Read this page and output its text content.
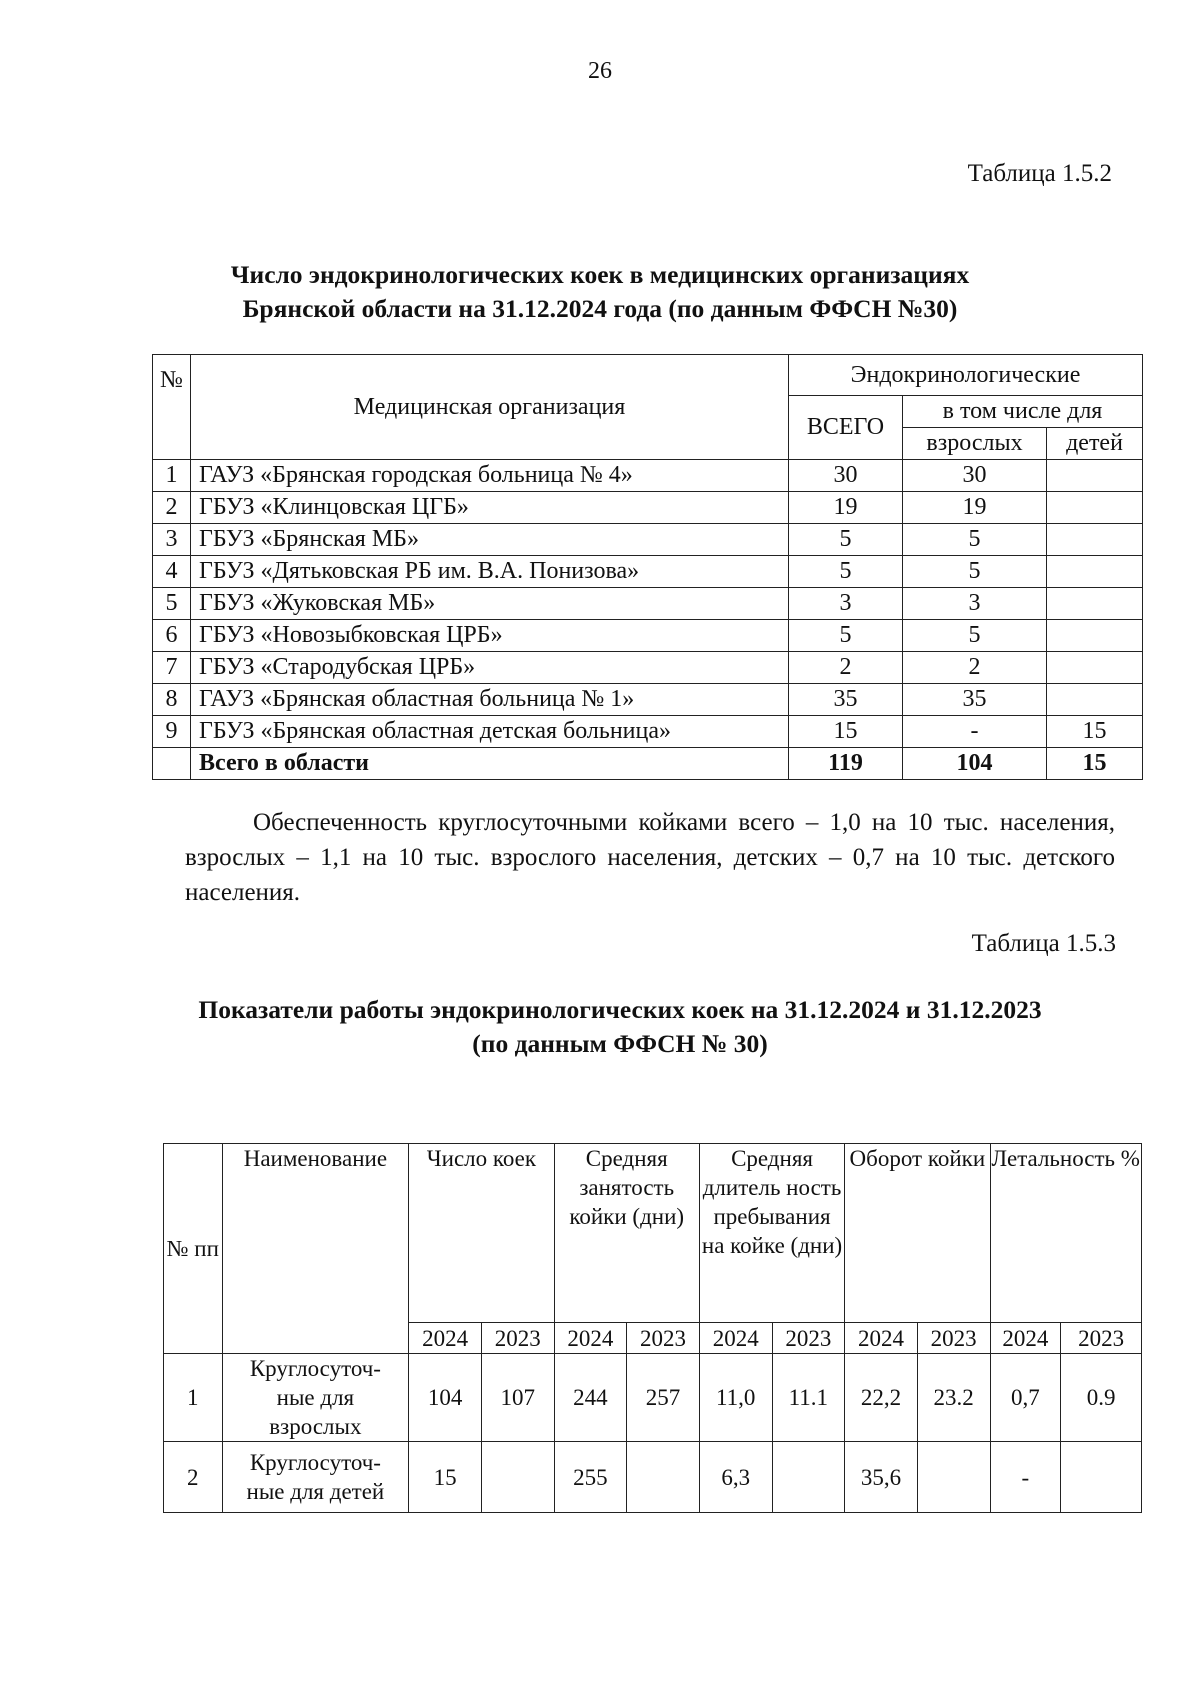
26
Таблица 1.5.2
Число эндокринологических коек в медицинских организациях
Брянской области на 31.12.2024 года (по данным ФФСН №30)
№	Медицинская организация	Эндокринологические		
		ВСЕГО	в том числе для	
			взрослых	детей
1	ГАУЗ «Брянская городская больница № 4»	30	30	
2	ГБУЗ «Клинцовская ЦГБ»	19	19	
3	ГБУЗ «Брянская МБ»	5	5	
4	ГБУЗ «Дятьковская РБ им. В.А. Понизова»	5	5	
5	ГБУЗ «Жуковская МБ»	3	3	
6	ГБУЗ «Новозыбковская ЦРБ»	5	5	
7	ГБУЗ «Стародубская ЦРБ»	2	2	
8	ГАУЗ «Брянская областная больница № 1»	35	35	
9	ГБУЗ «Брянская областная детская больница»	15	-	15
	Всего в области	119	104	15
Обеспеченность круглосуточными койками всего – 1,0 на 10 тыс. населения, взрослых – 1,1 на 10 тыс. взрослого населения, детских – 0,7 на 10 тыс. детского населения.
Таблица 1.5.3
Показатели работы эндокринологических коек на 31.12.2024 и 31.12.2023
(по данным ФФСН № 30)
№ пп	Наименование	Число коек		Средняя занятость койки (дни)		Средняя длитель ность пребывания на койке (дни)		Оборот койки		Летальность %	
		2024	2023	2024	2023	2024	2023	2024	2023	2024	2023
1	Круглосуточ-ные для взрослых	104	107	244	257	11,0	11.1	22,2	23.2	0,7	0.9
2	Круглосуточ-ные для детей	15		255		6,3		35,6		-	
